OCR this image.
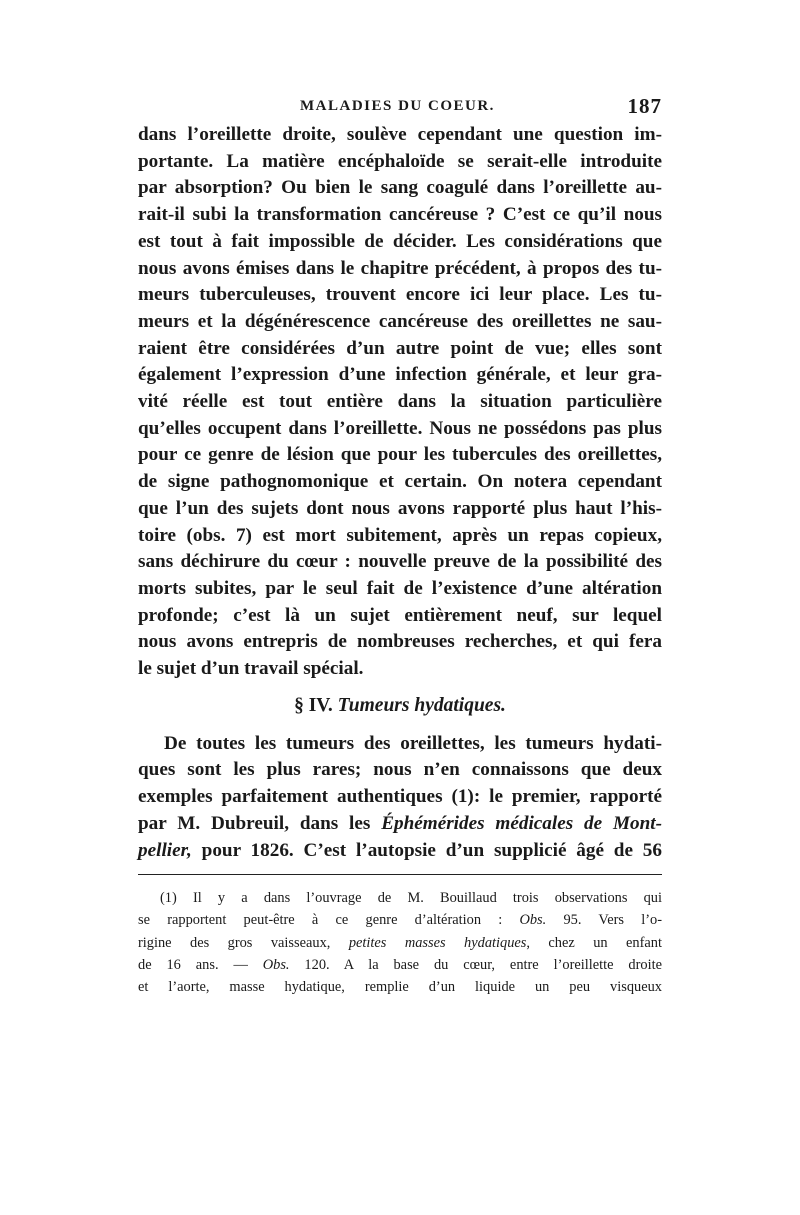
MALADIES DU COEUR.	187

dans l’oreillette droite, soulève cependant une question im-
portante. La matière encéphaloïde se serait-elle introduite
par absorption? Ou bien le sang coagulé dans l’oreillette au-
rait-il subi la transformation cancéreuse ? C’est ce qu’il nous
est tout à fait impossible de décider. Les considérations que
nous avons émises dans le chapitre précédent, à propos des tu-
meurs tuberculeuses, trouvent encore ici leur place. Les tu-
meurs et la dégénérescence cancéreuse des oreillettes ne sau-
raient être considérées d’un autre point de vue; elles sont
également l’expression d’une infection générale, et leur gra-
vité réelle est tout entière dans la situation particulière
qu’elles occupent dans l’oreillette. Nous ne possédons pas plus
pour ce genre de lésion que pour les tubercules des oreillettes,
de signe pathognomonique et certain. On notera cependant
que l’un des sujets dont nous avons rapporté plus haut l’his-
toire (obs. 7) est mort subitement, après un repas copieux,
sans déchirure du cœur : nouvelle preuve de la possibilité des
morts subites, par le seul fait de l’existence d’une altération
profonde; c’est là un sujet entièrement neuf, sur lequel
nous avons entrepris de nombreuses recherches, et qui fera
le sujet d’un travail spécial.

§ IV. Tumeurs hydatiques.

De toutes les tumeurs des oreillettes, les tumeurs hydati-
ques sont les plus rares; nous n’en connaissons que deux
exemples parfaitement authentiques (1): le premier, rapporté
par M. Dubreuil, dans les Éphémérides médicales de Mont-
pellier, pour 1826. C’est l’autopsie d’un supplicié âgé de 56

(1) Il y a dans l’ouvrage de M. Bouillaud trois observations qui
se rapportent peut-être à ce genre d’altération : Obs. 95. Vers l’o-
rigine des gros vaisseaux, petites masses hydatiques, chez un enfant
de 16 ans. — Obs. 120. A la base du cœur, entre l’oreillette droite
et l’aorte, masse hydatique, remplie d’un liquide un peu visqueux
